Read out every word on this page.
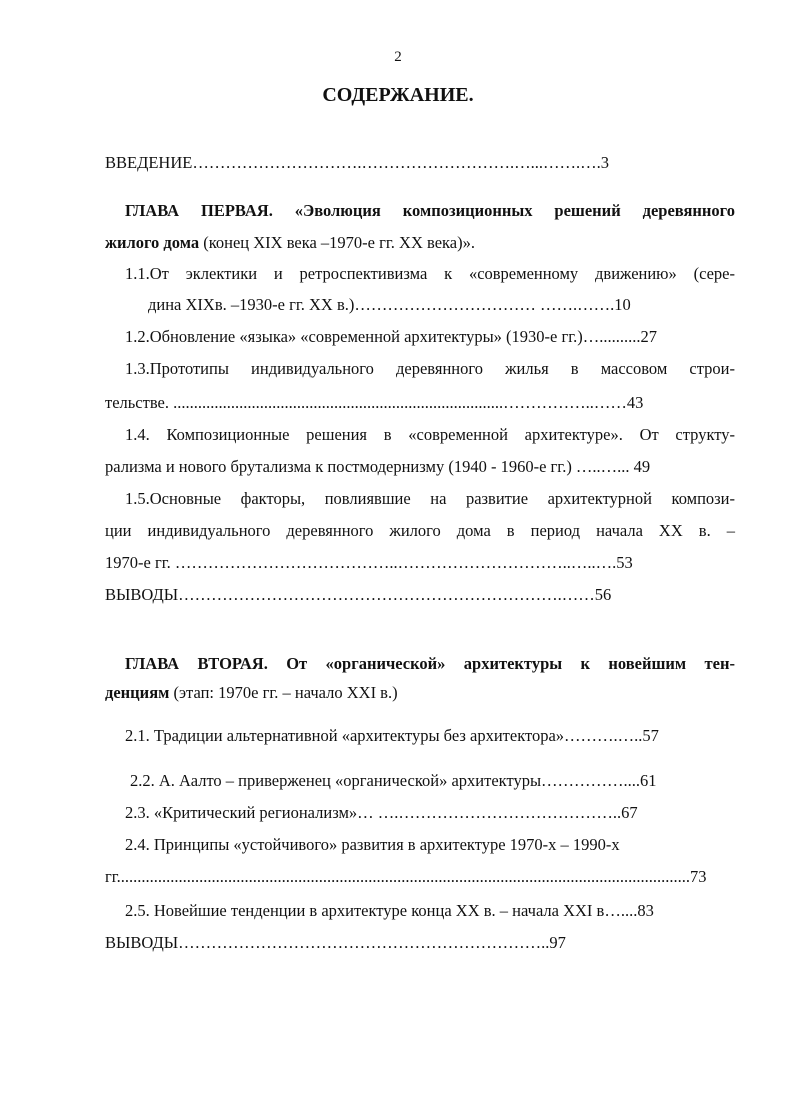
2
СОДЕРЖАНИЕ.
ВВЕДЕНИЕ………………………….……………………….…...…….….3
ГЛАВА ПЕРВАЯ. «Эволюция композиционных решений деревянного
жилого дома (конец XIX века –1970-е гг. XX века)».
1.1.От эклектики и ретроспективизма к «современному движению» (сере-
дина XIXв. –1930-е гг. XX в.)…………………………… …….…….10
1.2.Обновление «языка» «современной архитектуры» (1930-е гг.)…..........27
1.3.Прототипы индивидуального деревянного жилья в массовом строи-
тельстве. ................................................................................……………..……43
1.4. Композиционные решения в «современной архитектуре». От структу-
рализма и нового брутализма к постмодернизму (1940 - 1960-е гг.) …..…... 49
1.5.Основные факторы, повлиявшие на развитие архитектурной компози-
ции индивидуального деревянного жилого дома в период начала XX в. –
1970-е гг. …………………………………..…………………………..…..….53
ВЫВОДЫ…………………………………………………………….……56
ГЛАВА ВТОРАЯ. От «органической» архитектуры к новейшим тен-
денциям (этап: 1970е гг. – начало XXI в.)
2.1. Традиции альтернативной «архитектуры без архитектора»……….…..57
2.2. А. Аалто – приверженец «органической» архитектуры……………....61
2.3. «Критический регионализм»… ….…………………………………..67
2.4. Принципы «устойчивого» развития в архитектуре 1970-х – 1990-х
гг...........................................................................................................................................73
2.5. Новейшие тенденции в архитектуре конца XX в. – начала XXI в…....83
ВЫВОДЫ…………………………………………………………..97
